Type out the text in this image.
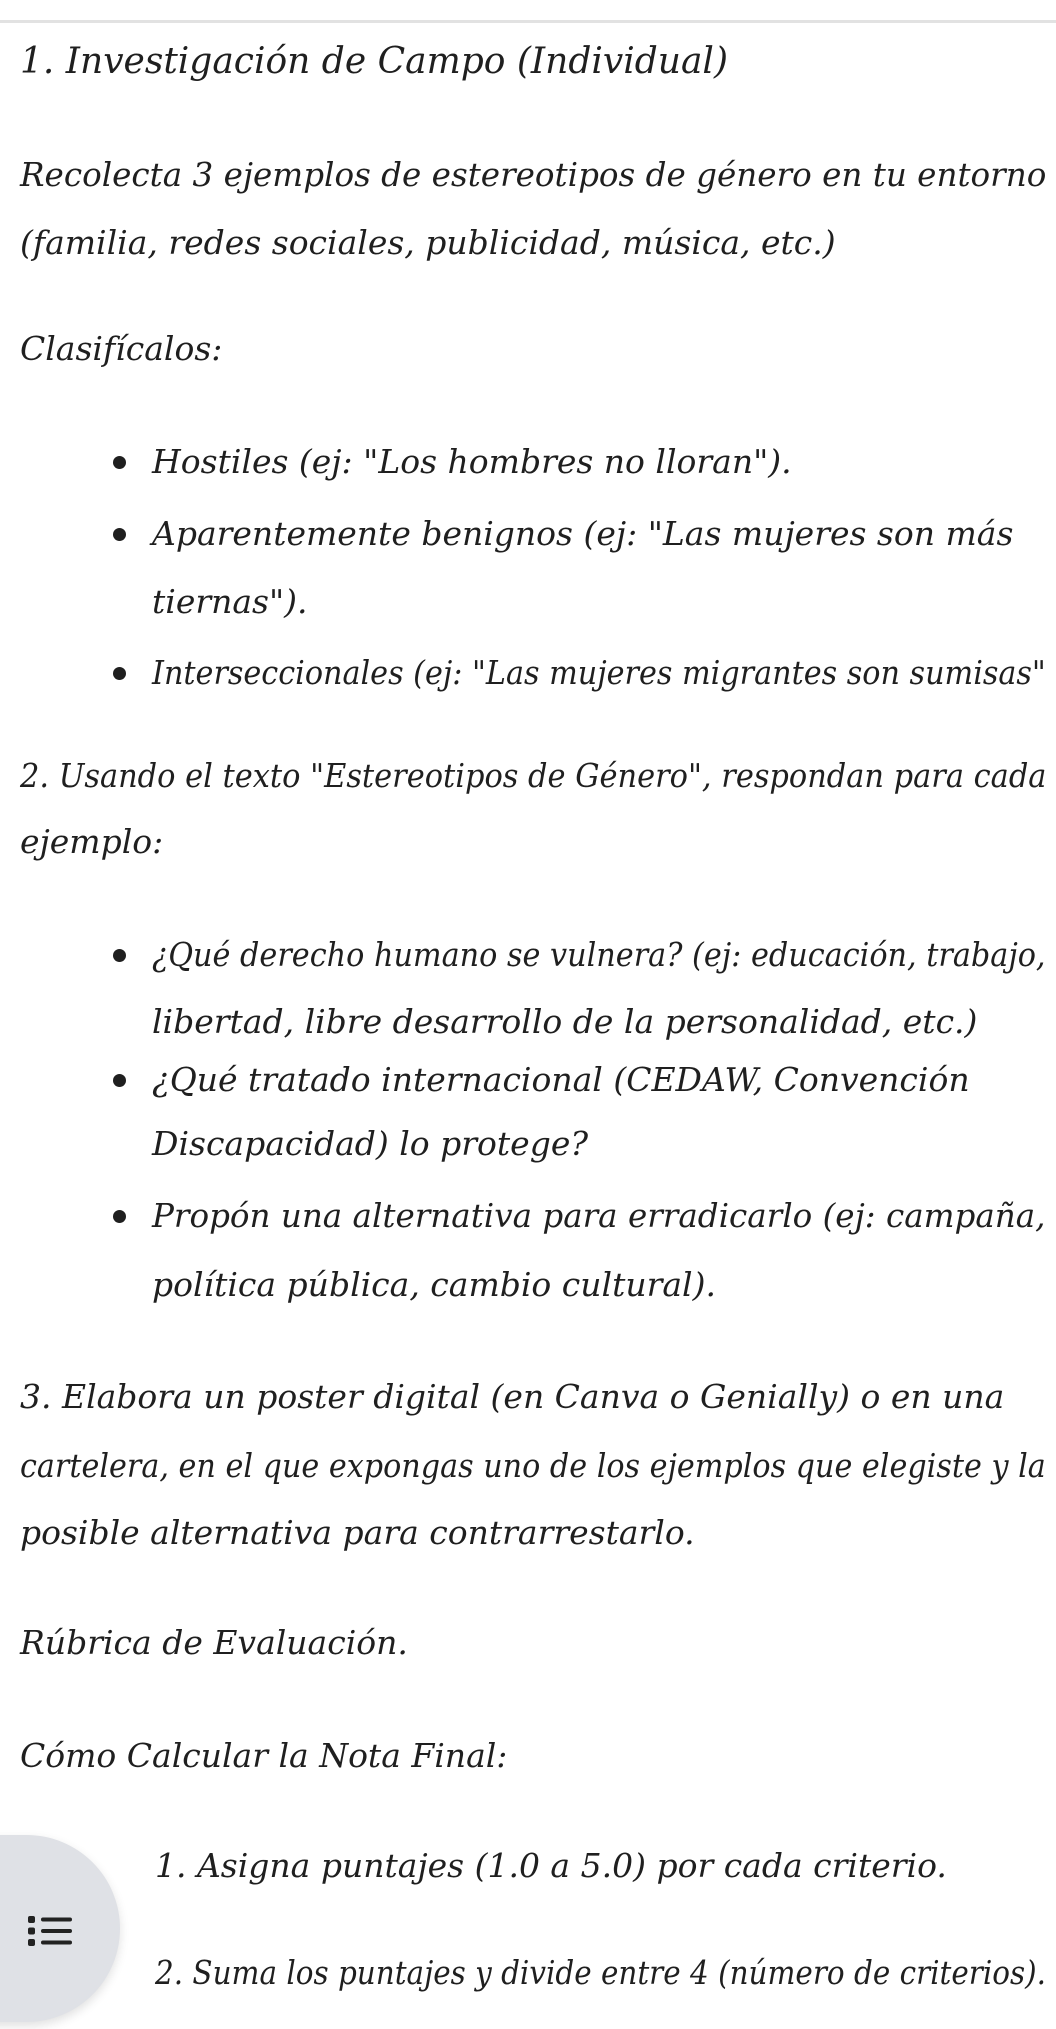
1. Investigación de Campo (Individual)
Recolecta 3 ejemplos de estereotipos de género en tu entorno
(familia, redes sociales, publicidad, música, etc.)
Clasifícalos:
Hostiles (ej: "Los hombres no lloran").
Aparentemente benignos (ej: "Las mujeres son más
tiernas").
Interseccionales (ej: "Las mujeres migrantes son sumisas"
2. Usando el texto "Estereotipos de Género", respondan para cada
ejemplo:
¿Qué derecho humano se vulnera? (ej: educación, trabajo,
libertad, libre desarrollo de la personalidad, etc.)
¿Qué tratado internacional (CEDAW, Convención
Discapacidad) lo protege?
Propón una alternativa para erradicarlo (ej: campaña,
política pública, cambio cultural).
3. Elabora un poster digital (en Canva o Genially) o en una
cartelera, en el que expongas uno de los ejemplos que elegiste y la
posible alternativa para contrarrestarlo.
Rúbrica de Evaluación.
Cómo Calcular la Nota Final:
1. Asigna puntajes (1.0 a 5.0) por cada criterio.
2. Suma los puntajes y divide entre 4 (número de criterios).
